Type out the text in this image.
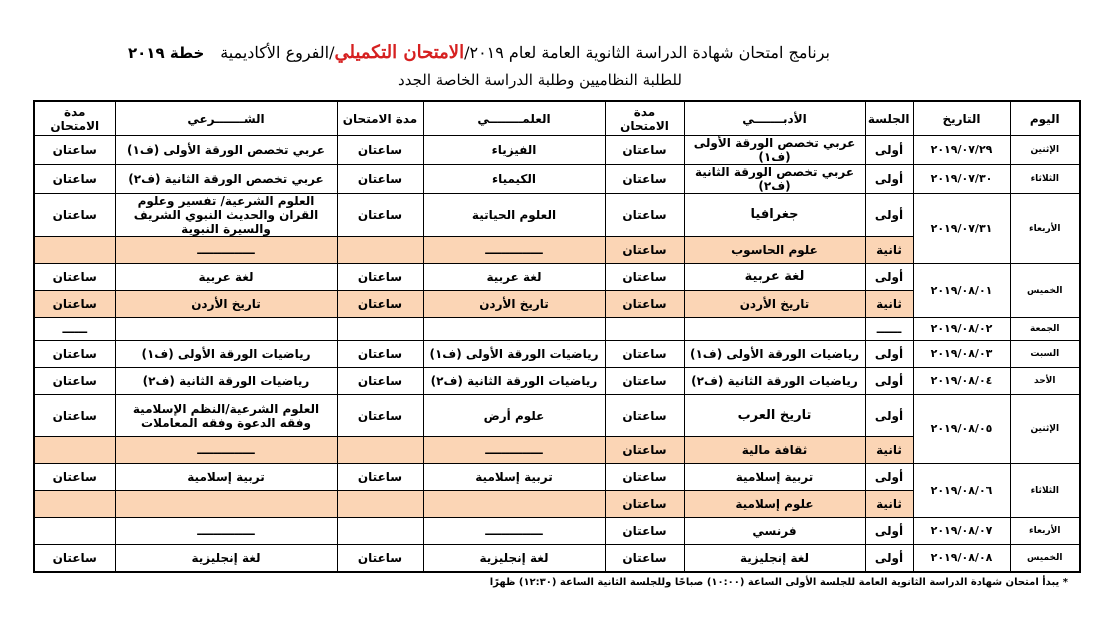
برنامج امتحان شهادة الدراسة الثانوية العامة لعام ٢٠١٩/الامتحان التكميلي/الفروع الأكاديمية
للطلبة النظاميين وطلبة الدراسة الخاصة الجدد
خطة ٢٠١٩
اليوم	التاريخ	الجلسة	الأدبـــــــي	مدة الامتحان	العلمــــــــي	مدة الامتحان	الشـــــــرعي	مدة الامتحان
الإثنين	٢٠١٩/٠٧/٢٩	أولى	عربي تخصص الورقة الأولى (ف١)	ساعتان	الفيزياء	ساعتان	عربي تخصص الورقة الأولى (ف١)	ساعتان
الثلاثاء	٢٠١٩/٠٧/٣٠	أولى	عربي تخصص الورقة الثانية (ف٢)	ساعتان	الكيمياء	ساعتان	عربي تخصص الورقة الثانية (ف٢)	ساعتان
الأربعاء	٢٠١٩/٠٧/٣١	أولى	جغرافيا	ساعتان	العلوم الحياتية	ساعتان	العلوم الشرعية/ تفسير وعلوم القران والحديث النبوي الشريف والسيرة النبوية	ساعتان
		ثانية	علوم الحاسوب	ساعتان	ــــــــــــــ		ــــــــــــــ	
الخميس	٢٠١٩/٠٨/٠١	أولى	لغة عربية	ساعتان	لغة عربية	ساعتان	لغة عربية	ساعتان
		ثانية	تاريخ الأردن	ساعتان	تاريخ الأردن	ساعتان	تاريخ الأردن	ساعتان
الجمعة	٢٠١٩/٠٨/٠٢	ــــــ						ــــــ
السبت	٢٠١٩/٠٨/٠٣	أولى	رياضيات الورقة الأولى (ف١)	ساعتان	رياضيات الورقة الأولى (ف١)	ساعتان	رياضيات الورقة الأولى (ف١)	ساعتان
الأحد	٢٠١٩/٠٨/٠٤	أولى	رياضيات الورقة الثانية (ف٢)	ساعتان	رياضيات الورقة الثانية (ف٢)	ساعتان	رياضيات الورقة الثانية (ف٢)	ساعتان
الإثنين	٢٠١٩/٠٨/٠٥	أولى	تاريخ العرب	ساعتان	علوم أرض	ساعتان	العلوم الشرعية/النظم الإسلامية وفقه الدعوة وفقه المعاملات	ساعتان
		ثانية	ثقافة مالية	ساعتان	ــــــــــــــ		ــــــــــــــ	
الثلاثاء	٢٠١٩/٠٨/٠٦	أولى	تربية إسلامية	ساعتان	تربية إسلامية	ساعتان	تربية إسلامية	ساعتان
		ثانية	علوم إسلامية	ساعتان				
الأربعاء	٢٠١٩/٠٨/٠٧	أولى	فرنسي	ساعتان	ــــــــــــــ		ــــــــــــــ	
الخميس	٢٠١٩/٠٨/٠٨	أولى	لغة إنجليزية	ساعتان	لغة إنجليزية	ساعتان	لغة إنجليزية	ساعتان
* يبدأ امتحان شهادة الدراسة الثانوية العامة للجلسة الأولى الساعة (١٠:٠٠) صباحًا وللجلسة الثانية الساعة (١٢:٣٠) ظهرًا
